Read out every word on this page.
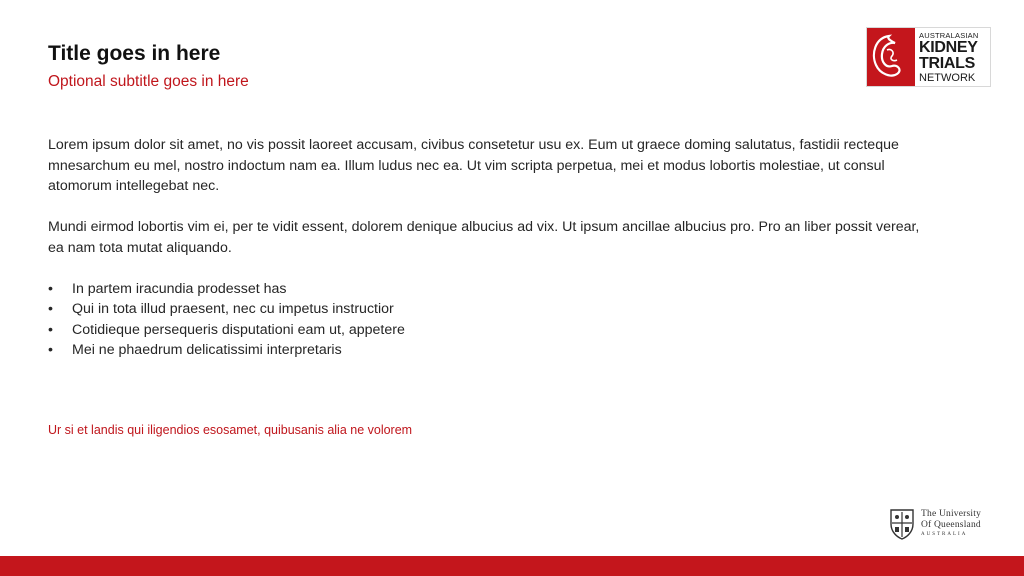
Title goes in here
Optional subtitle goes in here
AUSTRALASIAN
KIDNEY
TRIALS
NETWORK

Lorem ipsum dolor sit amet, no vis possit laoreet accusam, civibus consetetur usu ex. Eum ut graece doming salutatus, fastidii recteque mnesarchum eu mel, nostro indoctum nam ea. Illum ludus nec ea. Ut vim scripta perpetua, mei et modus lobortis molestiae, ut consul atomorum intellegebat nec.

Mundi eirmod lobortis vim ei, per te vidit essent, dolorem denique albucius ad vix. Ut ipsum ancillae albucius pro. Pro an liber possit verear, ea nam tota mutat aliquando.

• In partem iracundia prodesset has
• Qui in tota illud praesent, nec cu impetus instructior
• Cotidieque persequeris disputationi eam ut, appetere
• Mei ne phaedrum delicatissimi interpretaris
Ur si et landis qui iligendios esosamet, quibusanis alia ne volorem
The University
Of Queensland
AUSTRALIA
